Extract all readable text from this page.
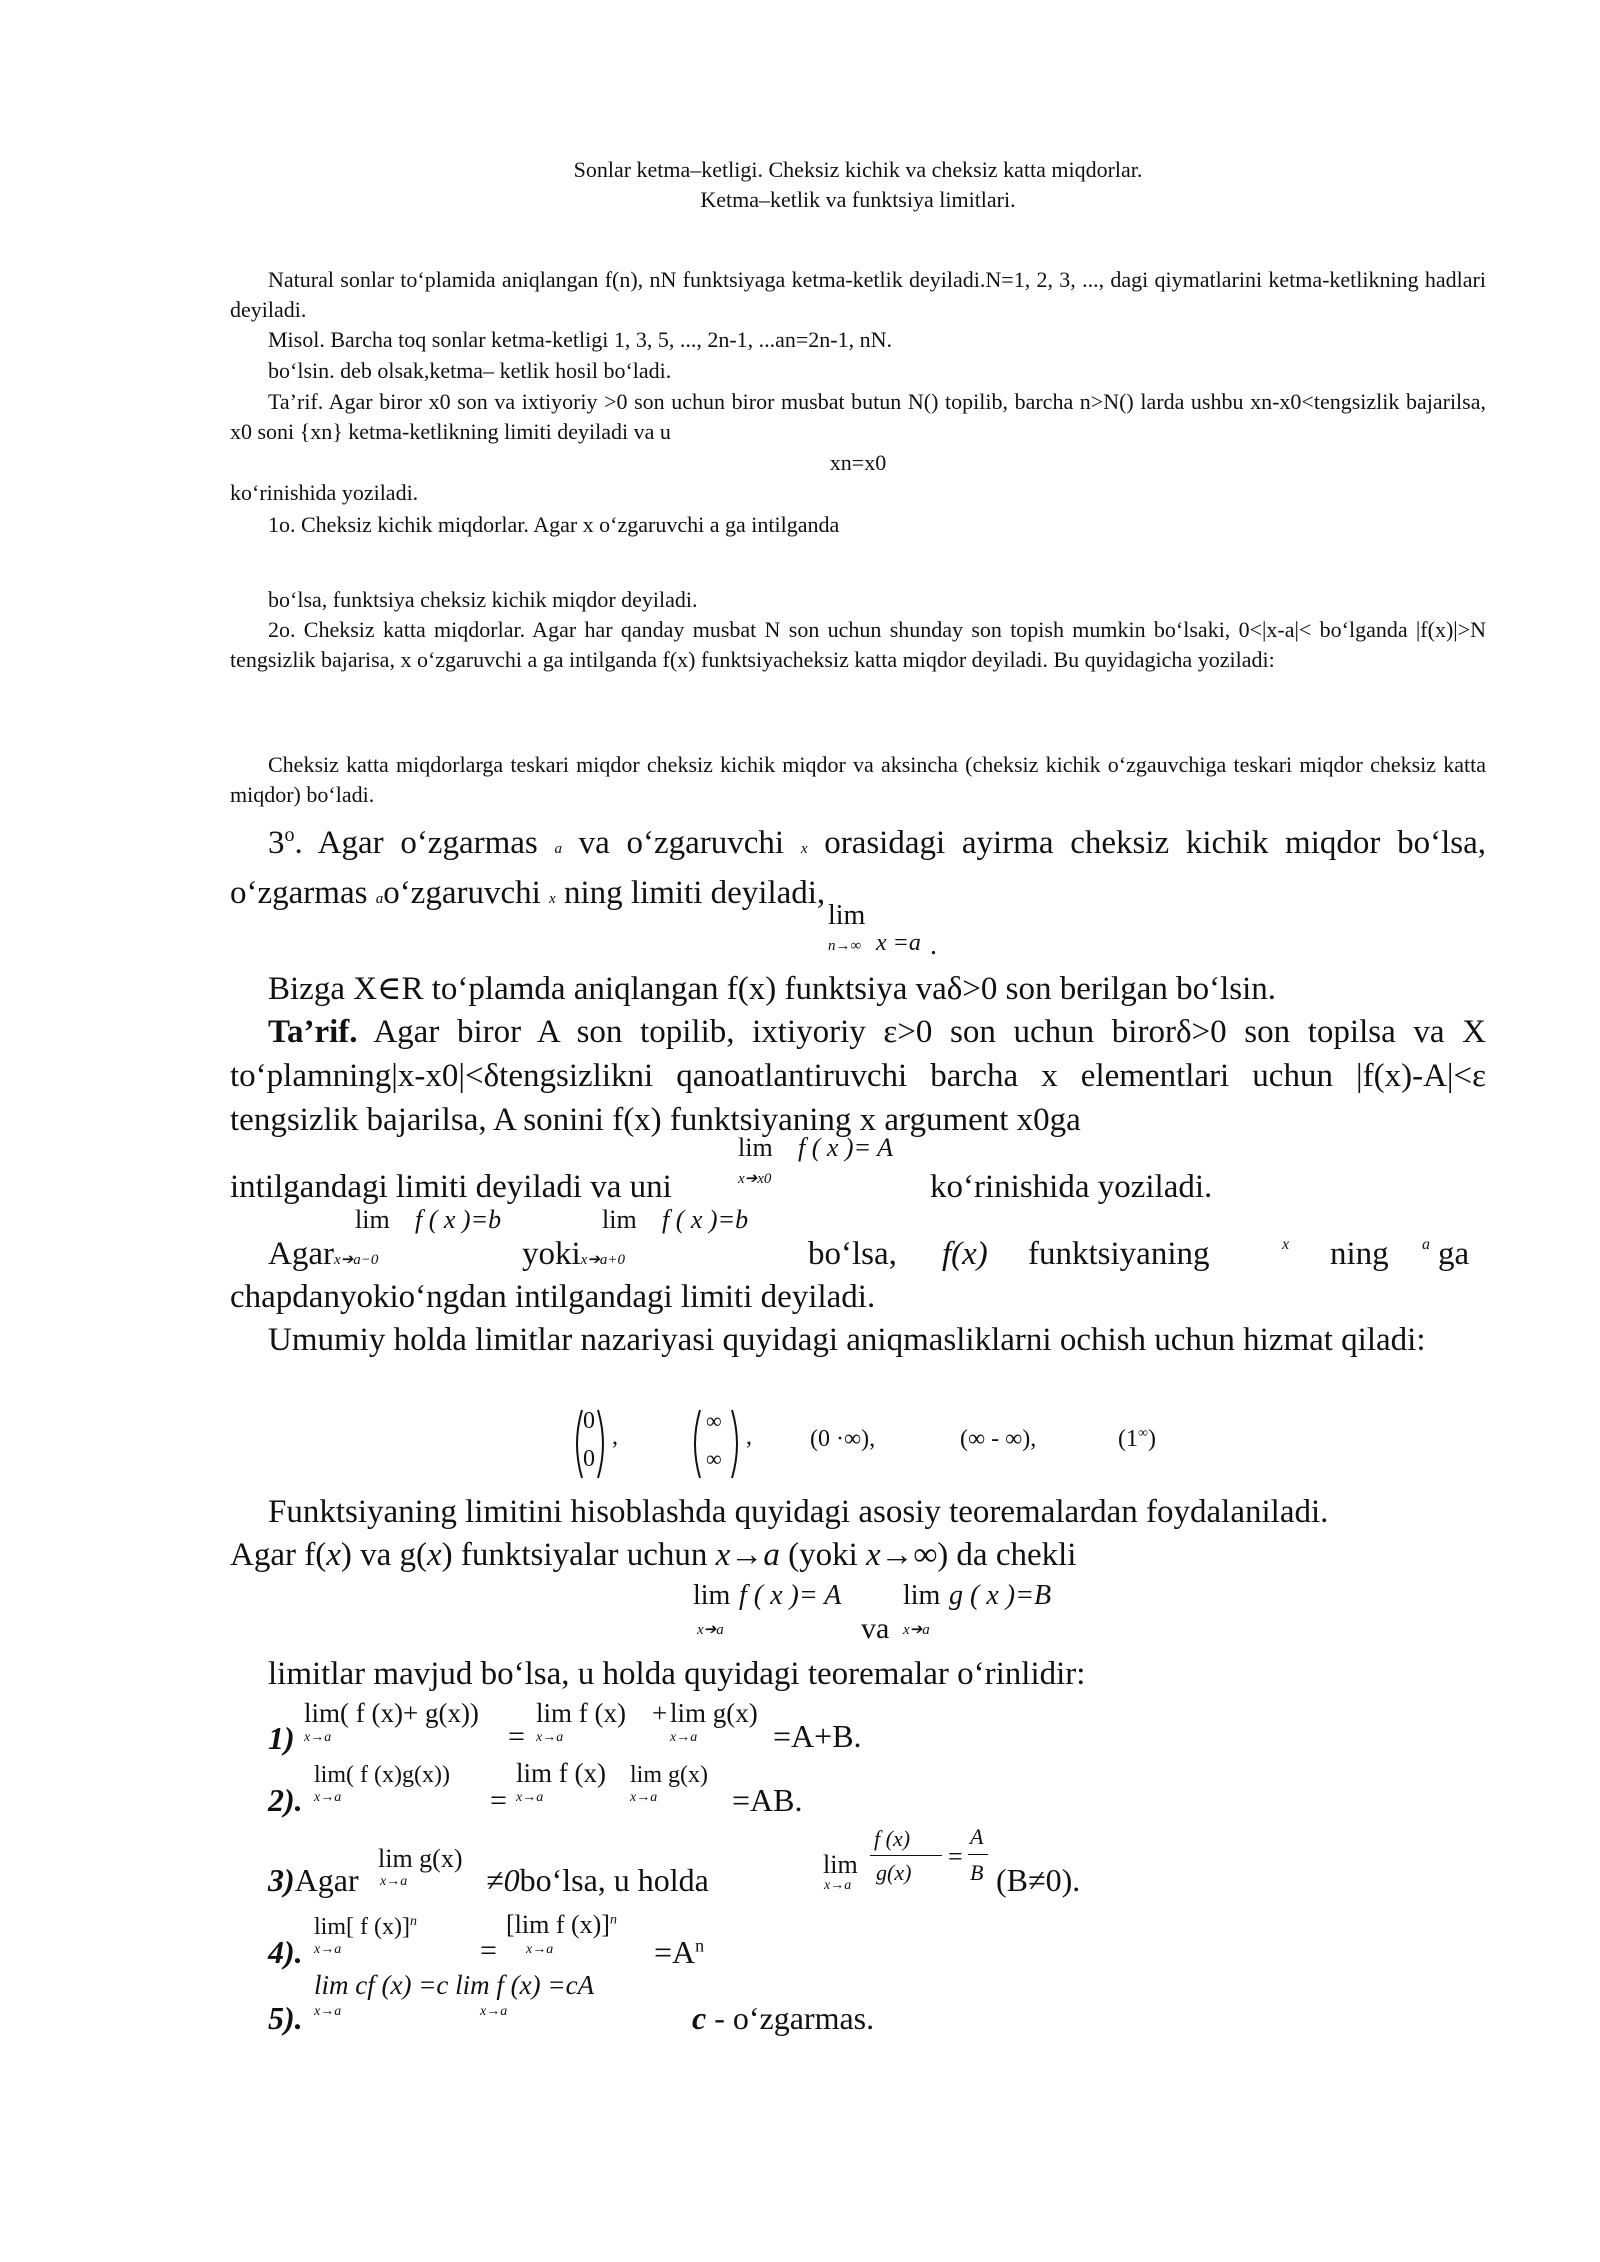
Sonlar ketma–ketligi. Cheksiz kichik va cheksiz katta miqdorlar.

Ketma–ketlik va funktsiya limitlari.

Natural sonlar to‘plamida aniqlangan f(n), nN funktsiyaga ketma-ketlik deyiladi.N=1, 2, 3, ..., dagi qiymatlarini ketma-ketlikning hadlari deyiladi.

Misol. Barcha toq sonlar ketma-ketligi 1, 3, 5, ..., 2n-1, ...an=2n-1, nN.

bo‘lsin. deb olsak,ketma– ketlik hosil bo‘ladi.

Ta’rif. Agar biror x0 son va ixtiyoriy >0 son uchun biror musbat butun N() topilib, barcha n>N() larda ushbu xn-x0<tengsizlik bajarilsa, x0 soni {xn} ketma-ketlikning limiti deyiladi va u

xn=x0

ko‘rinishida yoziladi.

1o. Cheksiz kichik miqdorlar. Agar x o‘zgaruvchi a ga intilganda

bo‘lsa, funktsiya cheksiz kichik miqdor deyiladi.

2o. Cheksiz katta miqdorlar. Agar har qanday musbat N son uchun shunday son topish mumkin bo‘lsaki, 0<|x-a|< bo‘lganda |f(x)|>N tengsizlik bajarisa, x o‘zgaruvchi a ga intilganda f(x) funktsiyacheksiz katta miqdor deyiladi. Bu quyidagicha yoziladi:

Cheksiz katta miqdorlarga teskari miqdor cheksiz kichik miqdor va aksincha (cheksiz kichik o‘zgauvchiga teskari miqdor cheksiz katta miqdor) bo‘ladi.

3$^o$. Agar o‘zgarmas a va o‘zgaruvchi x orasidagi ayirma cheksiz kichik miqdor bo‘lsa, o‘zgarmas ao‘zgaruvchi x ning limiti deyiladi,

lim
n→∞ x =a .

Bizga X∈R to‘plamda aniqlangan f(x) funktsiya vaδ>0 son berilgan bo‘lsin.

Ta’rif. Agar biror A son topilib, ixtiyoriy ε>0 son uchun birorδ>0 son topilsa va X to‘plamning|x-x0|<δtengsizlikni qanoatlantiruvchi barcha x elementlari uchun |f(x)-A|<ε tengsizlik bajarilsa, A sonini f(x) funktsiyaning x argument x0ga

lim
x➔x0
f ( x )= A

intilgandagi limiti deyiladi va uni	ko‘rinishida yoziladi.

lim f ( x )=b	lim f ( x )=b
Agarx➔a−0	yokix➔a+0	bo‘lsa, f(x) funktsiyaning	x ning a ga

chapdanyokio‘ngdan intilgandagi limiti deyiladi.

Umumiy holda limitlar nazariyasi quyidagi aniqmasliklarni ochish uchun hizmat qiladi:

0
0
,
∞
∞
, (0 ·∞),	(∞ - ∞),	(1∞)

Funktsiyaning limitini hisoblashda quyidagi asosiy teoremalardan foydalaniladi.

Agar f(x) va g(x) funktsiyalar uchun x→a (yoki x→∞) da chekli

lim f ( x )= A
x➔a	va x➔a
lim g ( x )=B

limitlar mavjud bo‘lsa, u holda quyidagi teoremalar o‘rinlidir:

1)
lim( f (x)+ g(x))
x→a	=
lim f (x)
x→a
+ lim g(x)
x→a =A+B.
2).
lim( f (x)g(x))
x→a	=
lim f (x)
x→a
lim g(x)
x→a =AB.
3)Agar
lim g(x)
x→a ≠0bo‘lsa, u holda	lim
x→a
f (x)
g(x)
=
A
B (B≠0).
4).
lim[ f (x)]$^n$
x→a	=
[lim f (x)]$^n$
x→a	$=A^n$
5).
lim cf (x) =c lim f (x) =cA
x→a	x→a	c - o‘zgarmas.
